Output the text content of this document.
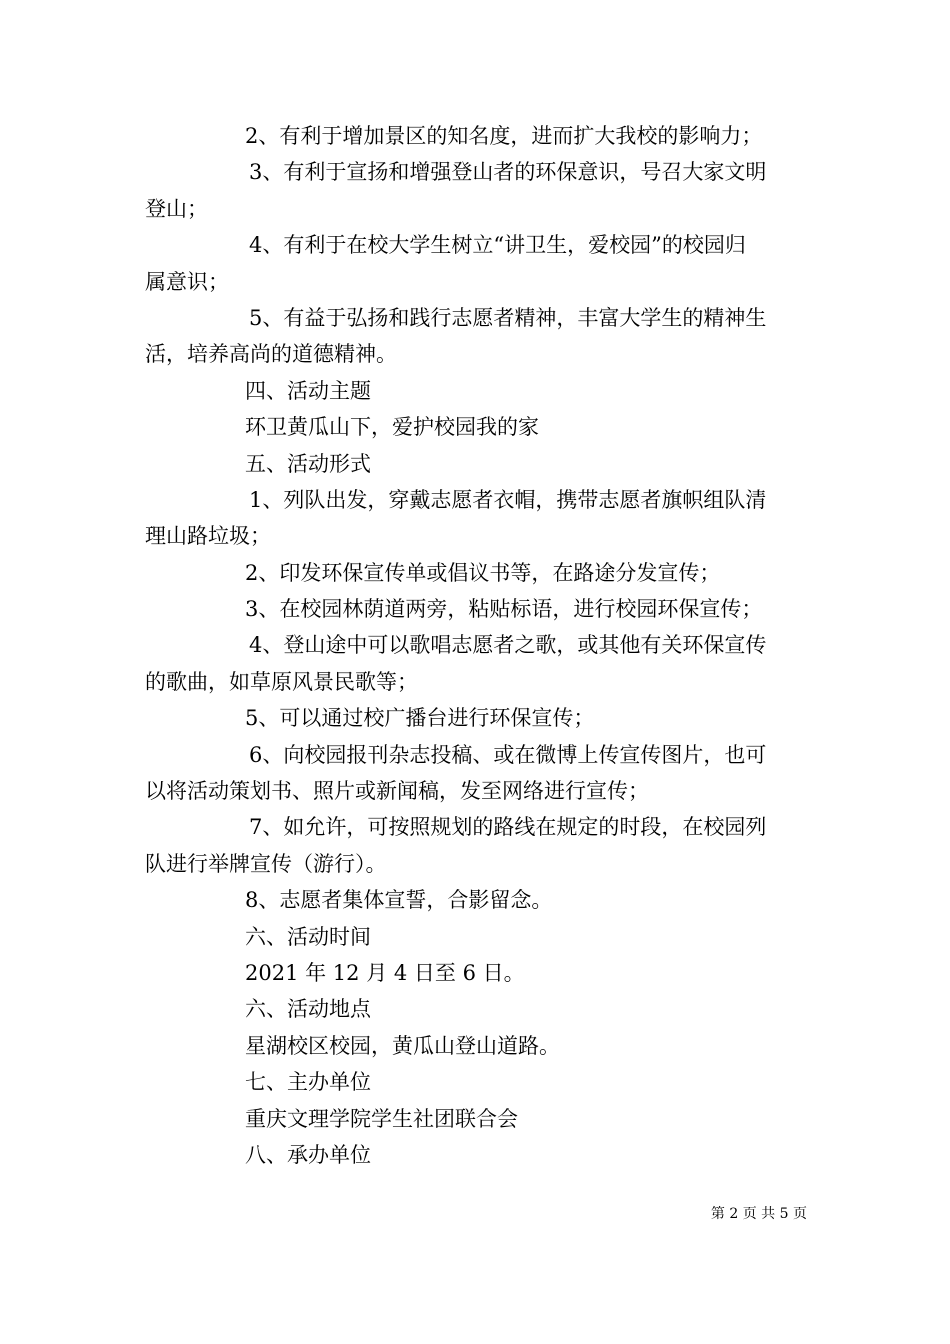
2、有利于增加景区的知名度，进而扩大我校的影响力；
3、有利于宣扬和增强登山者的环保意识，号召大家文明
登山；
4、有利于在校大学生树立“讲卫生，爱校园”的校园归
属意识；
5、有益于弘扬和践行志愿者精神，丰富大学生的精神生
活，培养高尚的道德精神。
四、活动主题
环卫黄瓜山下，爱护校园我的家
五、活动形式
1、列队出发，穿戴志愿者衣帽，携带志愿者旗帜组队清
理山路垃圾；
2、印发环保宣传单或倡议书等，在路途分发宣传；
3、在校园林荫道两旁，粘贴标语，进行校园环保宣传；
4、登山途中可以歌唱志愿者之歌，或其他有关环保宣传
的歌曲，如草原风景民歌等；
5、可以通过校广播台进行环保宣传；
6、向校园报刊杂志投稿、或在微博上传宣传图片，也可
以将活动策划书、照片或新闻稿，发至网络进行宣传；
7、如允许，可按照规划的路线在规定的时段，在校园列
队进行举牌宣传（游行）。
8、志愿者集体宣誓，合影留念。
六、活动时间
2021 年 12 月 4 日至 6 日。
六、活动地点
星湖校区校园，黄瓜山登山道路。
七、主办单位
重庆文理学院学生社团联合会
八、承办单位
第 2 页 共 5 页
